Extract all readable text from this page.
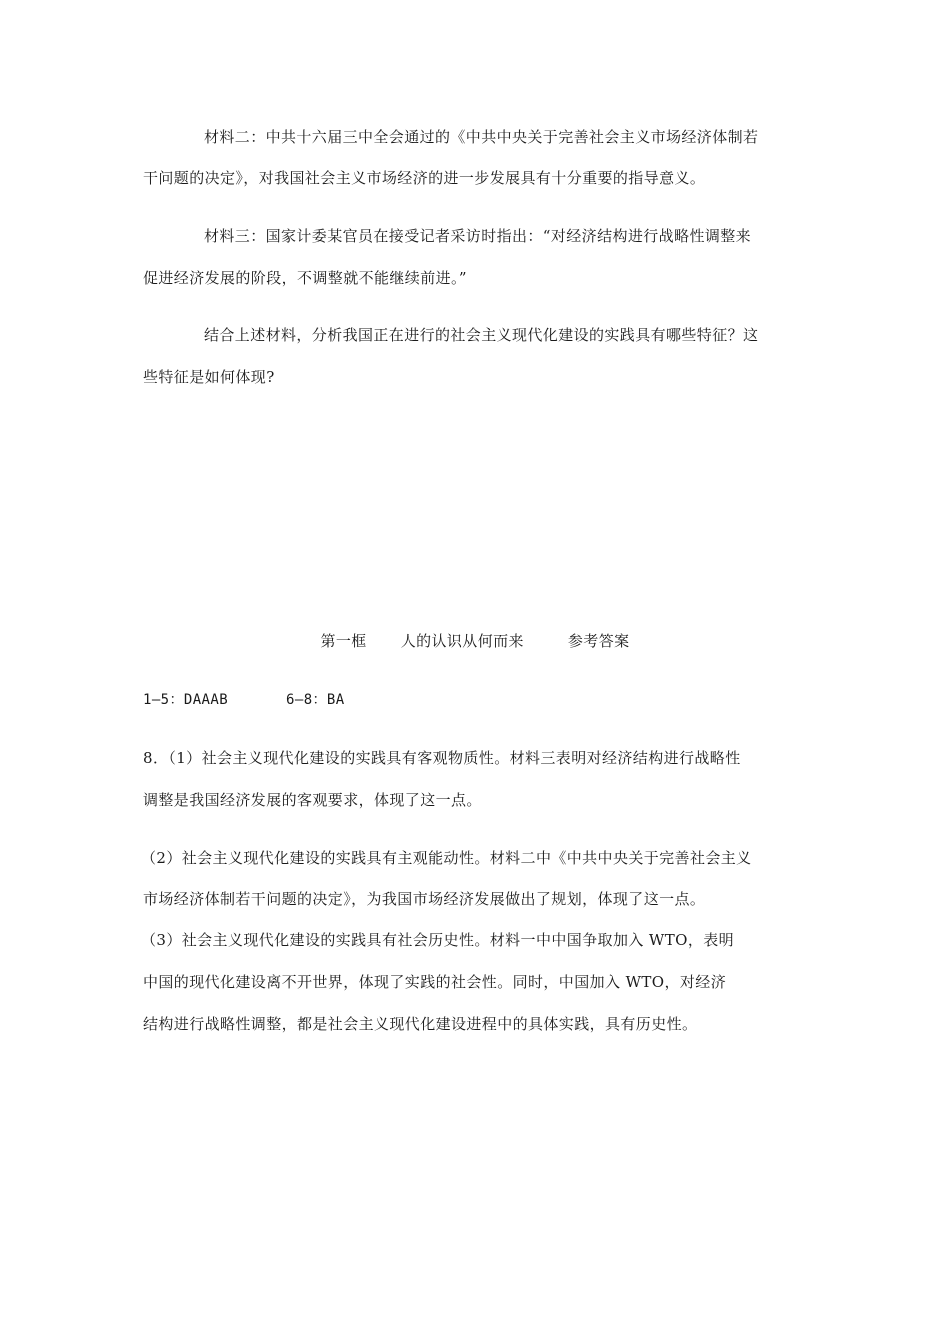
材料二：中共十六届三中全会通过的《中共中央关于完善社会主义市场经济体制若
干问题的决定》，对我国社会主义市场经济的进一步发展具有十分重要的指导意义。
材料三：国家计委某官员在接受记者采访时指出：“对经济结构进行战略性调整来
促进经济发展的阶段，不调整就不能继续前进。”
结合上述材料，分析我国正在进行的社会主义现代化建设的实践具有哪些特征？这
些特征是如何体现?
第一框 人的认识从何而来	参考答案
1—5：DAAAB	6—8：BA
8．（1）社会主义现代化建设的实践具有客观物质性。材料三表明对经济结构进行战略性
调整是我国经济发展的客观要求，体现了这一点。
（2）社会主义现代化建设的实践具有主观能动性。材料二中《中共中央关于完善社会主义
市场经济体制若干问题的决定》，为我国市场经济发展做出了规划，体现了这一点。
（3）社会主义现代化建设的实践具有社会历史性。材料一中中国争取加入 WTO，表明
中国的现代化建设离不开世界，体现了实践的社会性。同时，中国加入 WTO，对经济
结构进行战略性调整，都是社会主义现代化建设进程中的具体实践，具有历史性。
